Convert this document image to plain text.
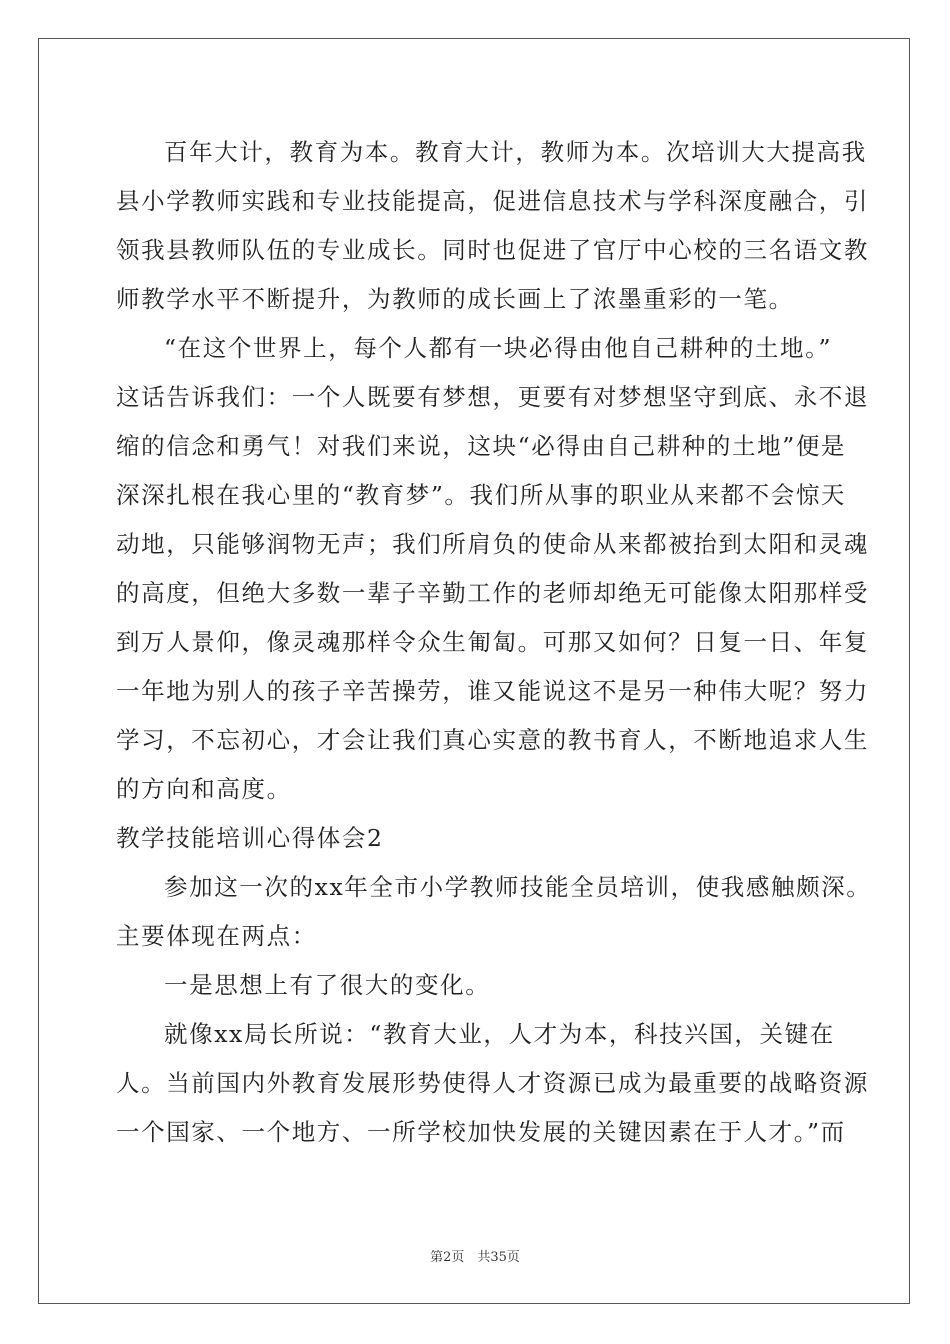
百年大计，教育为本。教育大计，教师为本。次培训大大提高我
县小学教师实践和专业技能提高，促进信息技术与学科深度融合，引
领我县教师队伍的专业成长。同时也促进了官厅中心校的三名语文教
师教学水平不断提升，为教师的成长画上了浓墨重彩的一笔。
“在这个世界上，每个人都有一块必得由他自己耕种的土地。”
这话告诉我们：一个人既要有梦想，更要有对梦想坚守到底、永不退
缩的信念和勇气！对我们来说，这块“必得由自己耕种的土地”便是
深深扎根在我心里的“教育梦”。我们所从事的职业从来都不会惊天
动地，只能够润物无声；我们所肩负的使命从来都被抬到太阳和灵魂
的高度，但绝大多数一辈子辛勤工作的老师却绝无可能像太阳那样受
到万人景仰，像灵魂那样令众生匍匐。可那又如何？日复一日、年复
一年地为别人的孩子辛苦操劳，谁又能说这不是另一种伟大呢？努力
学习，不忘初心，才会让我们真心实意的教书育人，不断地追求人生
的方向和高度。
教学技能培训心得体会2
参加这一次的xx年全市小学教师技能全员培训，使我感触颇深。
主要体现在两点：
一是思想上有了很大的变化。
就像xx局长所说：“教育大业，人才为本，科技兴国，关键在
人。当前国内外教育发展形势使得人才资源已成为最重要的战略资源
一个国家、一个地方、一所学校加快发展的关键因素在于人才。”而
第2页　共35页
